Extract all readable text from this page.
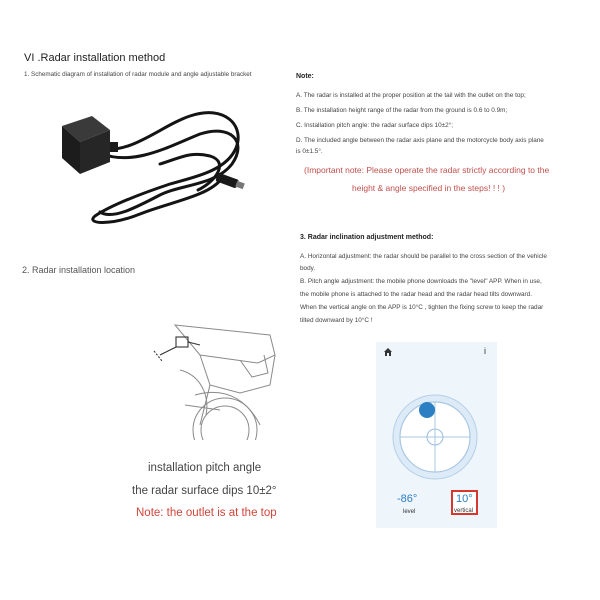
VI .Radar installation method
1. Schematic diagram of installation of radar module and angle adjustable bracket
2. Radar installation location
installation pitch angle
the radar surface dips 10±2°
Note: the outlet is at the top
Note:
A. The radar is installed at the proper position at the tail with the outlet on the top;
B. The installation height range of the radar from the ground is 0.6 to 0.9m;
C. Installation pitch angle: the radar surface dips 10±2°;
D. The included angle between the radar axis plane and the motorcycle body axis plane
is 0±1.5°.
(Important note: Please operate the radar strictly according to the
height & angle specified in the steps! ! ! )
3. Radar inclination adjustment method:
A. Horizontal adjustment: the radar should be parallel to the cross section of the vehicle
body.
B. Pitch angle adjustment: the mobile phone downloads the "level" APP. When in use,
the mobile phone is attached to the radar head and the radar head tilts downward.
When the vertical angle on the APP is 10°C , tighten the fixing screw to keep the radar
tilted downward by 10°C !
i
-86°
level
10°
vertical
